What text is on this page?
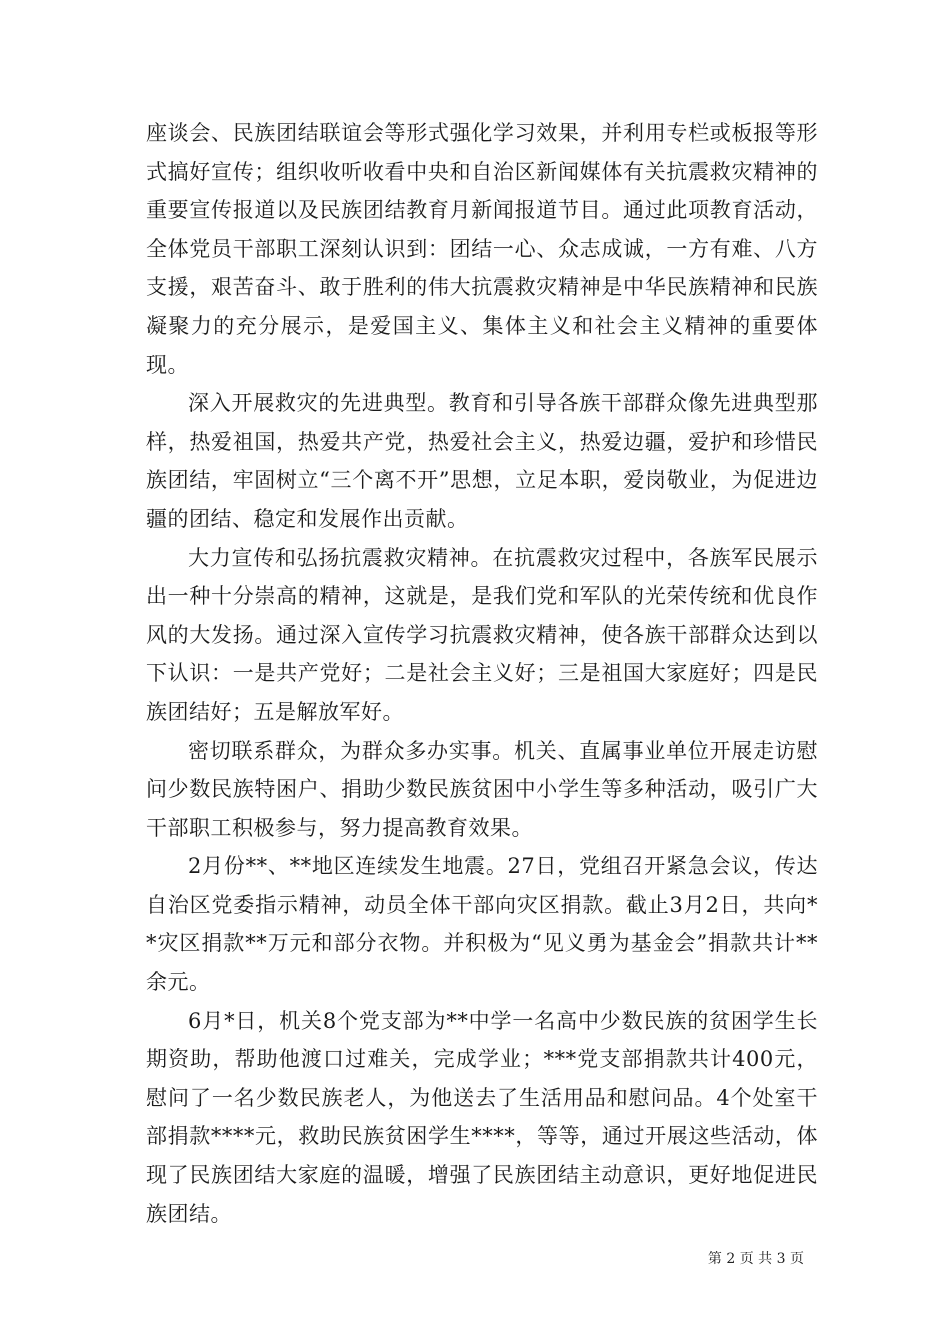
座谈会、民族团结联谊会等形式强化学习效果，并利用专栏或板报等形式搞好宣传；组织收听收看中央和自治区新闻媒体有关抗震救灾精神的重要宣传报道以及民族团结教育月新闻报道节目。通过此项教育活动，全体党员干部职工深刻认识到：团结一心、众志成诚，一方有难、八方支援，艰苦奋斗、敢于胜利的伟大抗震救灾精神是中华民族精神和民族凝聚力的充分展示，是爱国主义、集体主义和社会主义精神的重要体现。

深入开展救灾的先进典型。教育和引导各族干部群众像先进典型那样，热爱祖国，热爱共产党，热爱社会主义，热爱边疆，爱护和珍惜民族团结，牢固树立“三个离不开”思想，立足本职，爱岗敬业，为促进边疆的团结、稳定和发展作出贡献。

大力宣传和弘扬抗震救灾精神。在抗震救灾过程中，各族军民展示出一种十分崇高的精神，这就是，是我们党和军队的光荣传统和优良作风的大发扬。通过深入宣传学习抗震救灾精神，使各族干部群众达到以下认识：一是共产党好；二是社会主义好；三是祖国大家庭好；四是民族团结好；五是解放军好。

密切联系群众，为群众多办实事。机关、直属事业单位开展走访慰问少数民族特困户、捐助少数民族贫困中小学生等多种活动，吸引广大干部职工积极参与，努力提高教育效果。

2月份**、**地区连续发生地震。27日，党组召开紧急会议，传达自治区党委指示精神，动员全体干部向灾区捐款。截止3月2日，共向**灾区捐款**万元和部分衣物。并积极为“见义勇为基金会”捐款共计**余元。

6月*日，机关8个党支部为**中学一名高中少数民族的贫困学生长期资助，帮助他渡口过难关，完成学业；***党支部捐款共计400元，慰问了一名少数民族老人，为他送去了生活用品和慰问品。4个处室干部捐款****元，救助民族贫困学生****，等等，通过开展这些活动，体现了民族团结大家庭的温暖，增强了民族团结主动意识，更好地促进民族团结。

第 2 页 共 3 页
